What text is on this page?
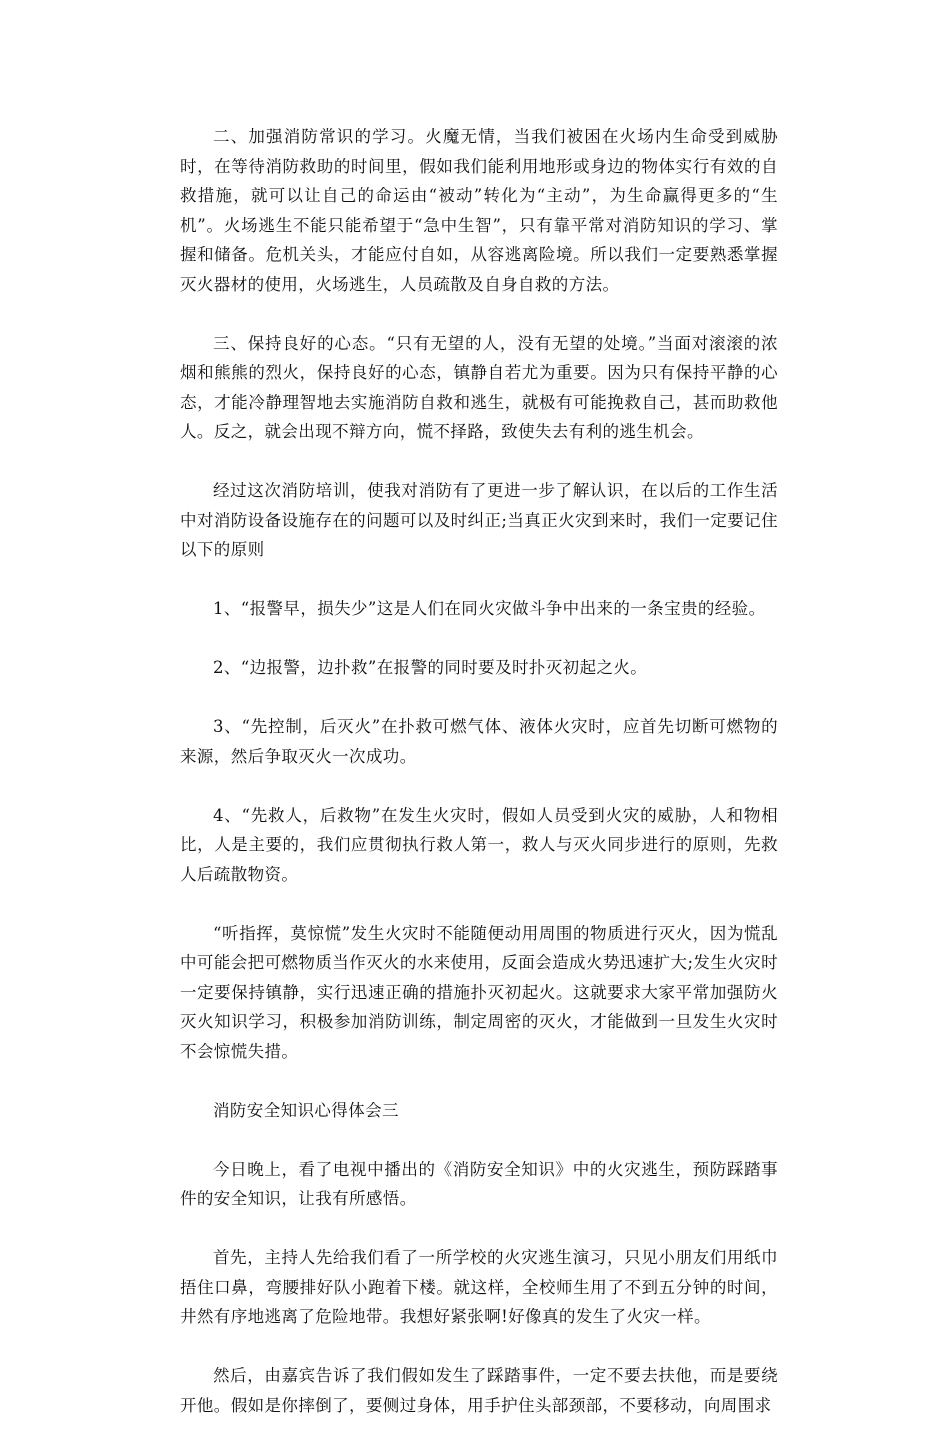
二、加强消防常识的学习。火魔无情，当我们被困在火场内生命受到威胁时，在等待消防救助的时间里，假如我们能利用地形或身边的物体实行有效的自救措施，就可以让自己的命运由“被动”转化为“主动”，为生命赢得更多的“生机”。火场逃生不能只能希望于“急中生智”，只有靠平常对消防知识的学习、掌握和储备。危机关头，才能应付自如，从容逃离险境。所以我们一定要熟悉掌握灭火器材的使用，火场逃生，人员疏散及自身自救的方法。

三、保持良好的心态。“只有无望的人，没有无望的处境。”当面对滚滚的浓烟和熊熊的烈火，保持良好的心态，镇静自若尤为重要。因为只有保持平静的心态，才能冷静理智地去实施消防自救和逃生，就极有可能挽救自己，甚而助救他人。反之，就会出现不辩方向，慌不择路，致使失去有利的逃生机会。

经过这次消防培训，使我对消防有了更进一步了解认识，在以后的工作生活中对消防设备设施存在的问题可以及时纠正;当真正火灾到来时，我们一定要记住以下的原则

1、“报警早，损失少”这是人们在同火灾做斗争中出来的一条宝贵的经验。

2、“边报警，边扑救”在报警的同时要及时扑灭初起之火。

3、“先控制，后灭火”在扑救可燃气体、液体火灾时，应首先切断可燃物的来源，然后争取灭火一次成功。

4、“先救人，后救物”在发生火灾时，假如人员受到火灾的威胁，人和物相比，人是主要的，我们应贯彻执行救人第一，救人与灭火同步进行的原则，先救人后疏散物资。

“听指挥，莫惊慌”发生火灾时不能随便动用周围的物质进行灭火，因为慌乱中可能会把可燃物质当作灭火的水来使用，反面会造成火势迅速扩大;发生火灾时一定要保持镇静，实行迅速正确的措施扑灭初起火。这就要求大家平常加强防火灭火知识学习，积极参加消防训练，制定周密的灭火，才能做到一旦发生火灾时不会惊慌失措。

消防安全知识心得体会三

今日晚上，看了电视中播出的《消防安全知识》中的火灾逃生，预防踩踏事件的安全知识，让我有所感悟。

首先，主持人先给我们看了一所学校的火灾逃生演习，只见小朋友们用纸巾捂住口鼻，弯腰排好队小跑着下楼。就这样，全校师生用了不到五分钟的时间，井然有序地逃离了危险地带。我想好紧张啊!好像真的发生了火灾一样。

然后，由嘉宾告诉了我们假如发生了踩踏事件，一定不要去扶他，而是要绕开他。假如是你摔倒了，要侧过身体，用手护住头部颈部，不要移动，向周围求
